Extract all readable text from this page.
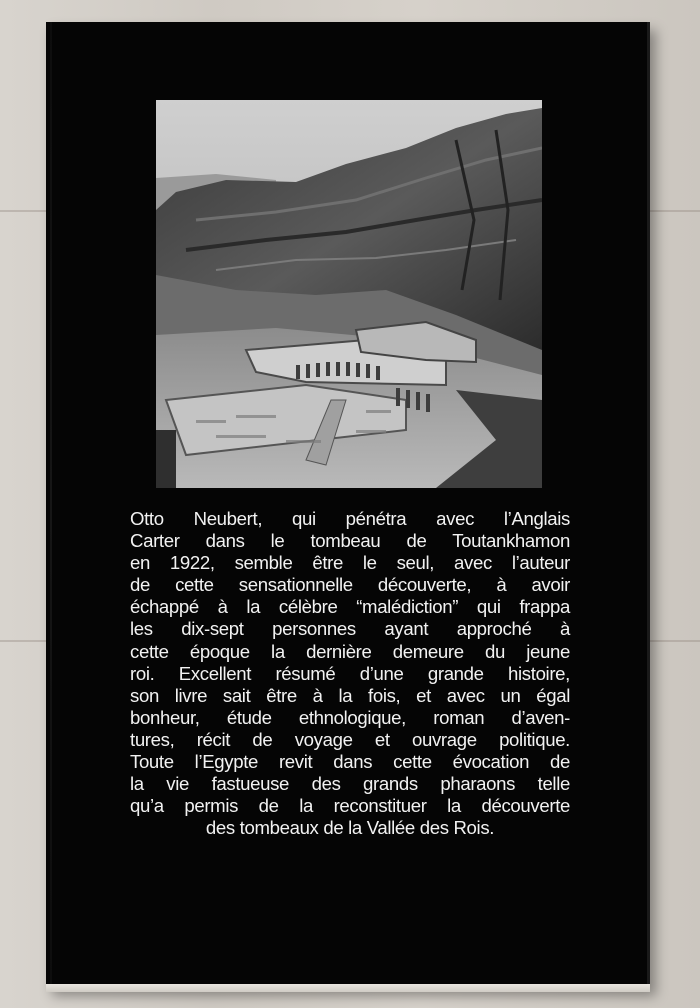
Otto Neubert, qui pénétra avec l’Anglais
Carter dans le tombeau de Toutankhamon
en 1922, semble être le seul, avec l’auteur
de cette sensationnelle découverte, à avoir
échappé à la célèbre “malédiction” qui frappa
les dix-sept personnes ayant approché à
cette époque la dernière demeure du jeune
roi. Excellent résumé d’une grande histoire,
son livre sait être à la fois, et avec un égal
bonheur, étude ethnologique, roman d’aven-
tures, récit de voyage et ouvrage politique.
Toute l’Egypte revit dans cette évocation de
la vie fastueuse des grands pharaons telle
qu’a permis de la reconstituer la découverte
des tombeaux de la Vallée des Rois.
